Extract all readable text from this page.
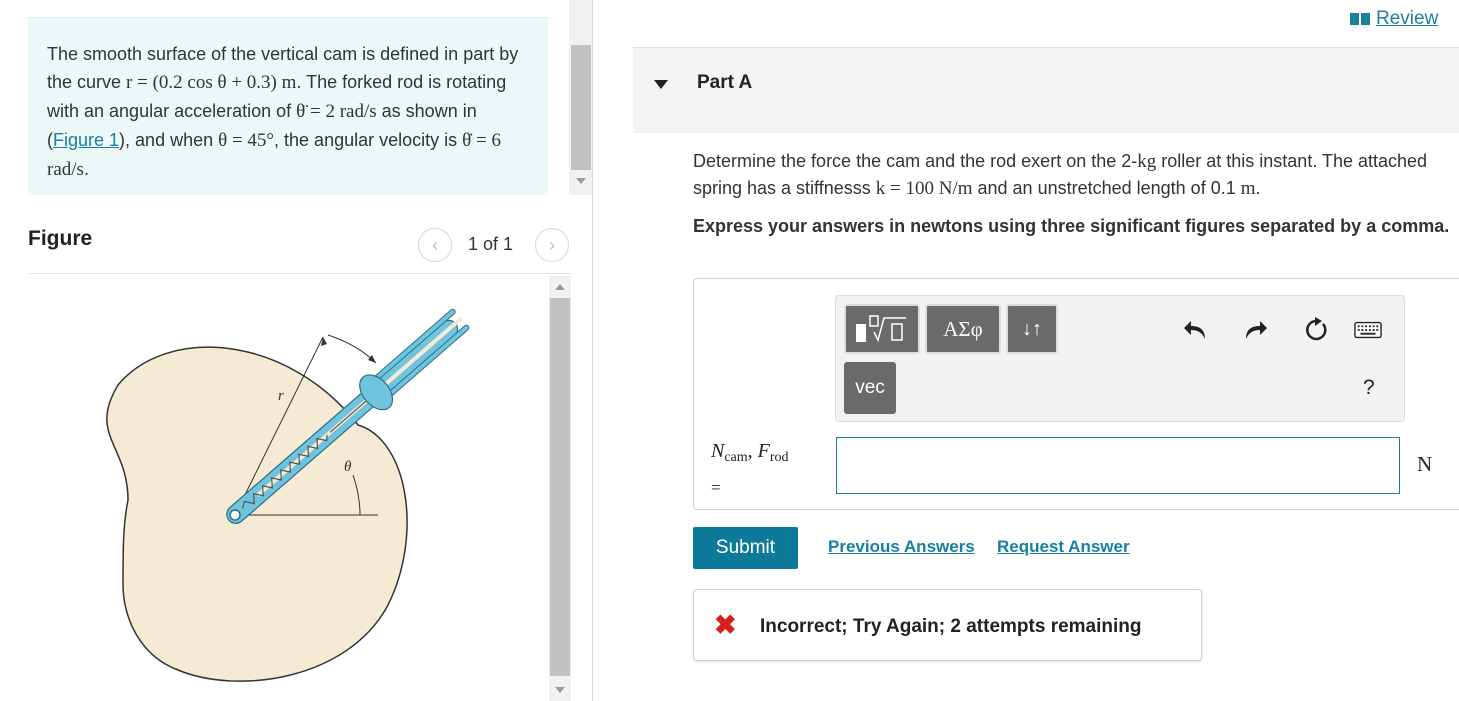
The smooth surface of the vertical cam is defined in part by the curve r = (0.2 cos θ + 0.3) m. The forked rod is rotating with an angular acceleration of θ̈ = 2 rad/s as shown in (Figure 1), and when θ = 45°, the angular velocity is θ̇ = 6 rad/s.
Figure	‹ 1 of 1 ›
r
θ
Review
Part A
Determine the force the cam and the rod exert on the 2-kg roller at this instant. The attached spring has a stiffnesss k = 100 N/m and an unstretched length of 0.1 m.
Express your answers in newtons using three significant figures separated by a comma.
ΑΣφ	↓↑
vec	?
$N_{cam}$, $F_{rod}$
=
N
Submit	Previous Answers Request Answer
✖ Incorrect; Try Again; 2 attempts remaining
